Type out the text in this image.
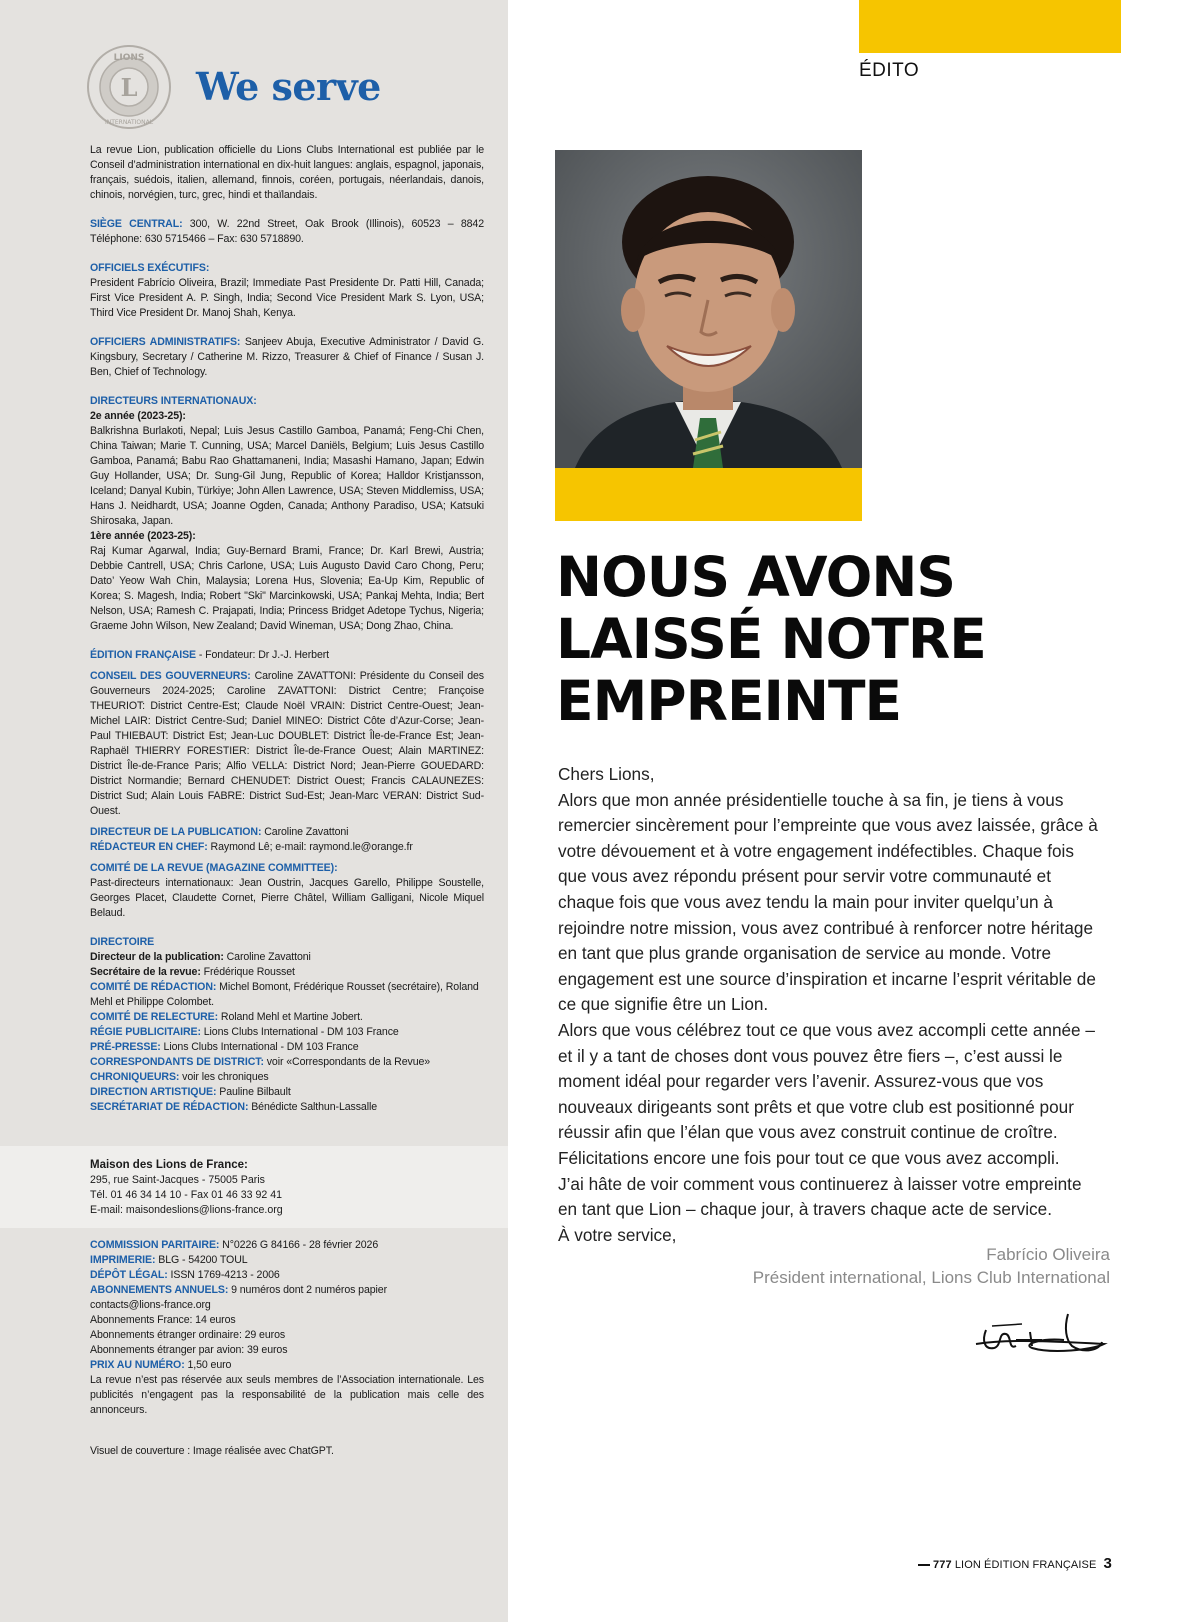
L
LIONS
INTERNATIONAL
We serve

La revue Lion, publication officielle du Lions Clubs International est publiée par le Conseil d’administration international en dix-huit langues: anglais, espagnol, japonais, français, suédois, italien, allemand, finnois, coréen, portugais, néerlandais, danois, chinois, norvégien, turc, grec, hindi et thaïlandais.

SIÈGE CENTRAL: 300, W. 22nd Street, Oak Brook (Illinois), 60523 – 8842 Téléphone: 630 5715466 – Fax: 630 5718890.

OFFICIELS EXÉCUTIFS:
President Fabrício Oliveira, Brazil; Immediate Past Presidente Dr. Patti Hill, Canada; First Vice President A. P. Singh, India; Second Vice President Mark S. Lyon, USA; Third Vice President Dr. Manoj Shah, Kenya.

OFFICIERS ADMINISTRATIFS: Sanjeev Abuja, Executive Administrator / David G. Kingsbury, Secretary / Catherine M. Rizzo, Treasurer & Chief of Finance / Susan J. Ben, Chief of Technology.

DIRECTEURS INTERNATIONAUX:
2e année (2023-25):
Balkrishna Burlakoti, Nepal; Luis Jesus Castillo Gamboa, Panamá; Feng-Chi Chen, China Taiwan; Marie T. Cunning, USA; Marcel Daniëls, Belgium; Luis Jesus Castillo Gamboa, Panamá; Babu Rao Ghattamaneni, India; Masashi Hamano, Japan; Edwin Guy Hollander, USA; Dr. Sung-Gil Jung, Republic of Korea; Halldor Kristjansson, Iceland; Danyal Kubin, Türkiye; John Allen Lawrence, USA; Steven Middlemiss, USA; Hans J. Neidhardt, USA; Joanne Ogden, Canada; Anthony Paradiso, USA; Katsuki Shirosaka, Japan.
1ère année (2023-25):
Raj Kumar Agarwal, India; Guy-Bernard Brami, France; Dr. Karl Brewi, Austria; Debbie Cantrell, USA; Chris Carlone, USA; Luis Augusto David Caro Chong, Peru; Dato’ Yeow Wah Chin, Malaysia; Lorena Hus, Slovenia; Ea-Up Kim, Republic of Korea; S. Magesh, India; Robert "Ski" Marcinkowski, USA; Pankaj Mehta, India; Bert Nelson, USA; Ramesh C. Prajapati, India; Princess Bridget Adetope Tychus, Nigeria; Graeme John Wilson, New Zealand; David Wineman, USA; Dong Zhao, China.

ÉDITION FRANÇAISE - Fondateur: Dr J.-J. Herbert

CONSEIL DES GOUVERNEURS: Caroline ZAVATTONI: Présidente du Conseil des Gouverneurs 2024-2025; Caroline ZAVATTONI: District Centre; Françoise THEURIOT: District Centre-Est; Claude Noël VRAIN: District Centre-Ouest; Jean-Michel LAIR: District Centre-Sud; Daniel MINEO: District Côte d’Azur-Corse; Jean-Paul THIEBAUT: District Est; Jean-Luc DOUBLET: District Île-de-France Est; Jean-Raphaël THIERRY FORESTIER: District Île-de-France Ouest; Alain MARTINEZ: District Île-de-France Paris; Alfio VELLA: District Nord; Jean-Pierre GOUEDARD: District Normandie; Bernard CHENUDET: District Ouest; Francis CALAUNEZES: District Sud; Alain Louis FABRE: District Sud-Est; Jean-Marc VERAN: District Sud-Ouest.

DIRECTEUR DE LA PUBLICATION: Caroline Zavattoni
RÉDACTEUR EN CHEF: Raymond Lê; e-mail: raymond.le@orange.fr

COMITÉ DE LA REVUE (MAGAZINE COMMITTEE):
Past-directeurs internationaux: Jean Oustrin, Jacques Garello, Philippe Soustelle, Georges Placet, Claudette Cornet, Pierre Châtel, William Galligani, Nicole Miquel Belaud.

DIRECTOIRE

Directeur de la publication: Caroline Zavattoni
Secrétaire de la revue: Frédérique Rousset
COMITÉ DE RÉDACTION: Michel Bomont, Frédérique Rousset (secrétaire), Roland Mehl et Philippe Colombet.
COMITÉ DE RELECTURE: Roland Mehl et Martine Jobert.
RÉGIE PUBLICITAIRE: Lions Clubs International - DM 103 France
PRÉ-PRESSE: Lions Clubs International - DM 103 France
CORRESPONDANTS DE DISTRICT: voir «Correspondants de la Revue»
CHRONIQUEURS: voir les chroniques
DIRECTION ARTISTIQUE: Pauline Bilbault
SECRÉTARIAT DE RÉDACTION: Bénédicte Salthun-Lassalle

Maison des Lions de France:
295, rue Saint-Jacques - 75005 Paris
Tél. 01 46 34 14 10 - Fax 01 46 33 92 41
E-mail: maisondeslions@lions-france.org
COMMISSION PARITAIRE: N°0226 G 84166 - 28 février 2026
IMPRIMERIE: BLG - 54200 TOUL
DÉPÔT LÉGAL: ISSN 1769-4213 - 2006
ABONNEMENTS ANNUELS: 9 numéros dont 2 numéros papier
contacts@lions-france.org
Abonnements France: 14 euros
Abonnements étranger ordinaire: 29 euros
Abonnements étranger par avion: 39 euros
PRIX AU NUMÉRO: 1,50 euro
La revue n’est pas réservée aux seuls membres de l’Association internationale. Les publicités n’engagent pas la responsabilité de la publication mais celle des annonceurs.
Visuel de couverture : Image réalisée avec ChatGPT.
ÉDITO
NOUS AVONS
LAISSÉ NOTRE
EMPREINTE

Chers Lions,

Alors que mon année présidentielle touche à sa fin, je tiens à vous remercier sincèrement pour l’empreinte que vous avez laissée, grâce à votre dévouement et à votre engagement indéfectibles. Chaque fois que vous avez répondu présent pour servir votre communauté et chaque fois que vous avez tendu la main pour inviter quelqu’un à rejoindre notre mission, vous avez contribué à renforcer notre héritage en tant que plus grande organisation de service au monde. Votre engagement est une source d’inspiration et incarne l’esprit véritable de ce que signifie être un Lion.

Alors que vous célébrez tout ce que vous avez accompli cette année – et il y a tant de choses dont vous pouvez être fiers –, c’est aussi le moment idéal pour regarder vers l’avenir. Assurez-vous que vos nouveaux dirigeants sont prêts et que votre club est positionné pour réussir afin que l’élan que vous avez construit continue de croître.

Félicitations encore une fois pour tout ce que vous avez accompli.

J’ai hâte de voir comment vous continuerez à laisser votre empreinte en tant que Lion – chaque jour, à travers chaque acte de service.

À votre service,

Fabrício Oliveira
Président international, Lions Club International
777 LION ÉDITION FRANÇAISE 3
